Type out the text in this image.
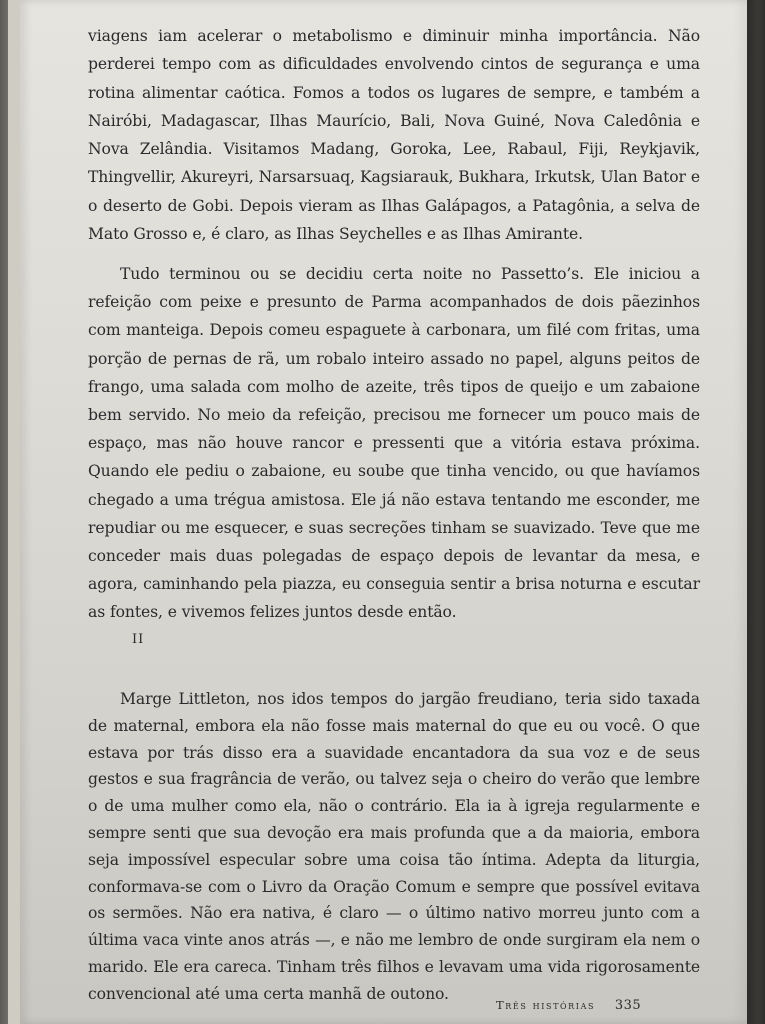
viagens iam acelerar o metabolismo e diminuir minha importância. Não perderei tempo com as dificuldades envolvendo cintos de segurança e uma rotina alimentar caótica. Fomos a todos os lugares de sempre, e também a Nairóbi, Madagascar, Ilhas Maurício, Bali, Nova Guiné, Nova Caledônia e Nova Zelândia. Visitamos Madang, Goroka, Lee, Rabaul, Fiji, Reykjavik, Thingvellir, Akureyri, Narsarsuaq, Kagsiarauk, Bukhara, Irkutsk, Ulan Bator e o deserto de Gobi. Depois vieram as Ilhas Galápagos, a Patagônia, a selva de Mato Grosso e, é claro, as Ilhas Seychelles e as Ilhas Amirante.

Tudo terminou ou se decidiu certa noite no Passetto’s. Ele iniciou a refeição com peixe e presunto de Parma acompanhados de dois pãezinhos com manteiga. Depois comeu espaguete à carbonara, um filé com fritas, uma porção de pernas de rã, um robalo inteiro assado no papel, alguns peitos de frango, uma salada com molho de azeite, três tipos de queijo e um zabaione bem servido. No meio da refeição, precisou me fornecer um pouco mais de espaço, mas não houve rancor e pressenti que a vitória estava próxima. Quando ele pediu o zabaione, eu soube que tinha vencido, ou que havíamos chegado a uma trégua amistosa. Ele já não estava tentando me esconder, me repudiar ou me esquecer, e suas secreções tinham se suavizado. Teve que me conceder mais duas polegadas de espaço depois de levantar da mesa, e agora, caminhando pela piazza, eu conseguia sentir a brisa noturna e escutar as fontes, e vivemos felizes juntos desde então.

II

Marge Littleton, nos idos tempos do jargão freudiano, teria sido taxada de maternal, embora ela não fosse mais maternal do que eu ou você. O que estava por trás disso era a suavidade encantadora da sua voz e de seus gestos e sua fragrância de verão, ou talvez seja o cheiro do verão que lembre o de uma mulher como ela, não o contrário. Ela ia à igreja regularmente e sempre senti que sua devoção era mais profunda que a da maioria, embora seja impossível especular sobre uma coisa tão íntima. Adepta da liturgia, conformava-se com o Livro da Oração Comum e sempre que possível evitava os sermões. Não era nativa, é claro — o último nativo morreu junto com a última vaca vinte anos atrás —, e não me lembro de onde surgiram ela nem o marido. Ele era careca. Tinham três filhos e levavam uma vida rigorosamente convencional até uma certa manhã de outono.

Três histórias 335
